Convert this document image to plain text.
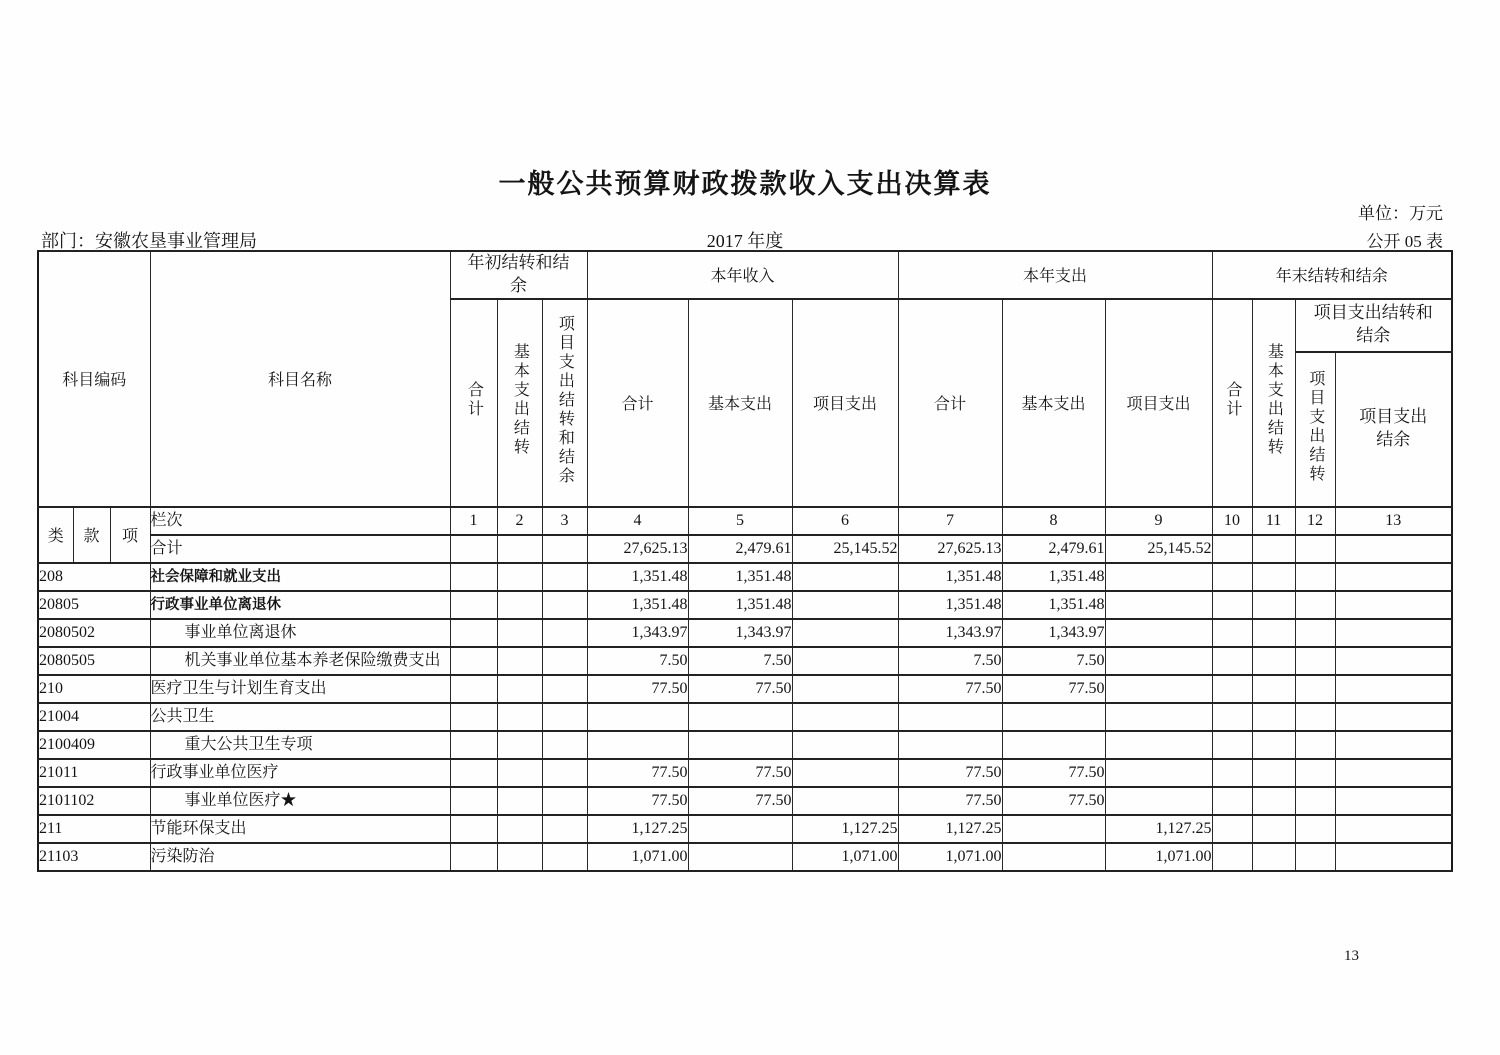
一般公共预算财政拨款收入支出决算表
单位：万元
部门：安徽农垦事业管理局	2017 年度	公开 05 表
科目编码			科目名称	年初结转和结余			本年收入			本年支出			年末结转和结余			
				合计	基本支出结转	项目支出结转和结余	合计	基本支出	项目支出	合计	基本支出	项目支出	合计	基本支出结转	项目支出结转和结余	
															项目支出结转	项目支出结余
类	款	项	栏次	1	2	3	4	5	6	7	8	9	10	11	12	13
			合计				27,625.13	2,479.61	25,145.52	27,625.13	2,479.61	25,145.52				
208			社会保障和就业支出				1,351.48	1,351.48		1,351.48	1,351.48					
20805			行政事业单位离退休				1,351.48	1,351.48		1,351.48	1,351.48					
2080502			事业单位离退休				1,343.97	1,343.97		1,343.97	1,343.97					
2080505			机关事业单位基本养老保险缴费支出				7.50	7.50		7.50	7.50					
210			医疗卫生与计划生育支出				77.50	77.50		77.50	77.50					
21004			公共卫生													
2100409			重大公共卫生专项													
21011			行政事业单位医疗				77.50	77.50		77.50	77.50					
2101102			事业单位医疗★				77.50	77.50		77.50	77.50					
211			节能环保支出				1,127.25		1,127.25	1,127.25		1,127.25				
21103			污染防治				1,071.00		1,071.00	1,071.00		1,071.00				
13
